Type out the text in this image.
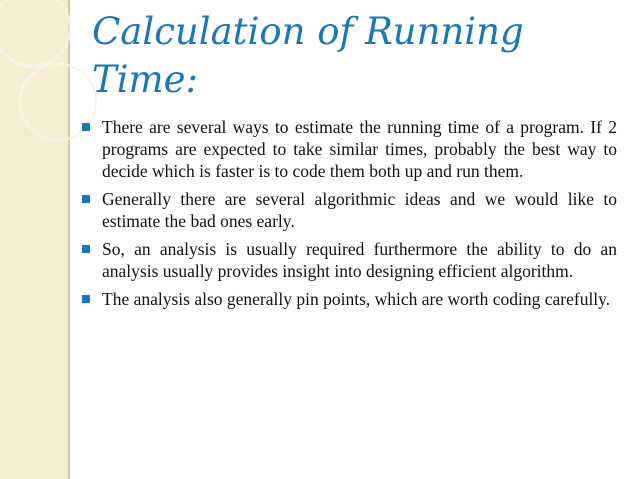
Calculation of Running Time:
There are several ways to estimate the running time of a program. If 2 programs are expected to take similar times, probably the best way to decide which is faster is to code them both up and run them.
Generally there are several algorithmic ideas and we would like to estimate the bad ones early.
So, an analysis is usually required furthermore the ability to do an analysis usually provides insight into designing efficient algorithm.
The analysis also generally pin points, which are worth coding carefully.
